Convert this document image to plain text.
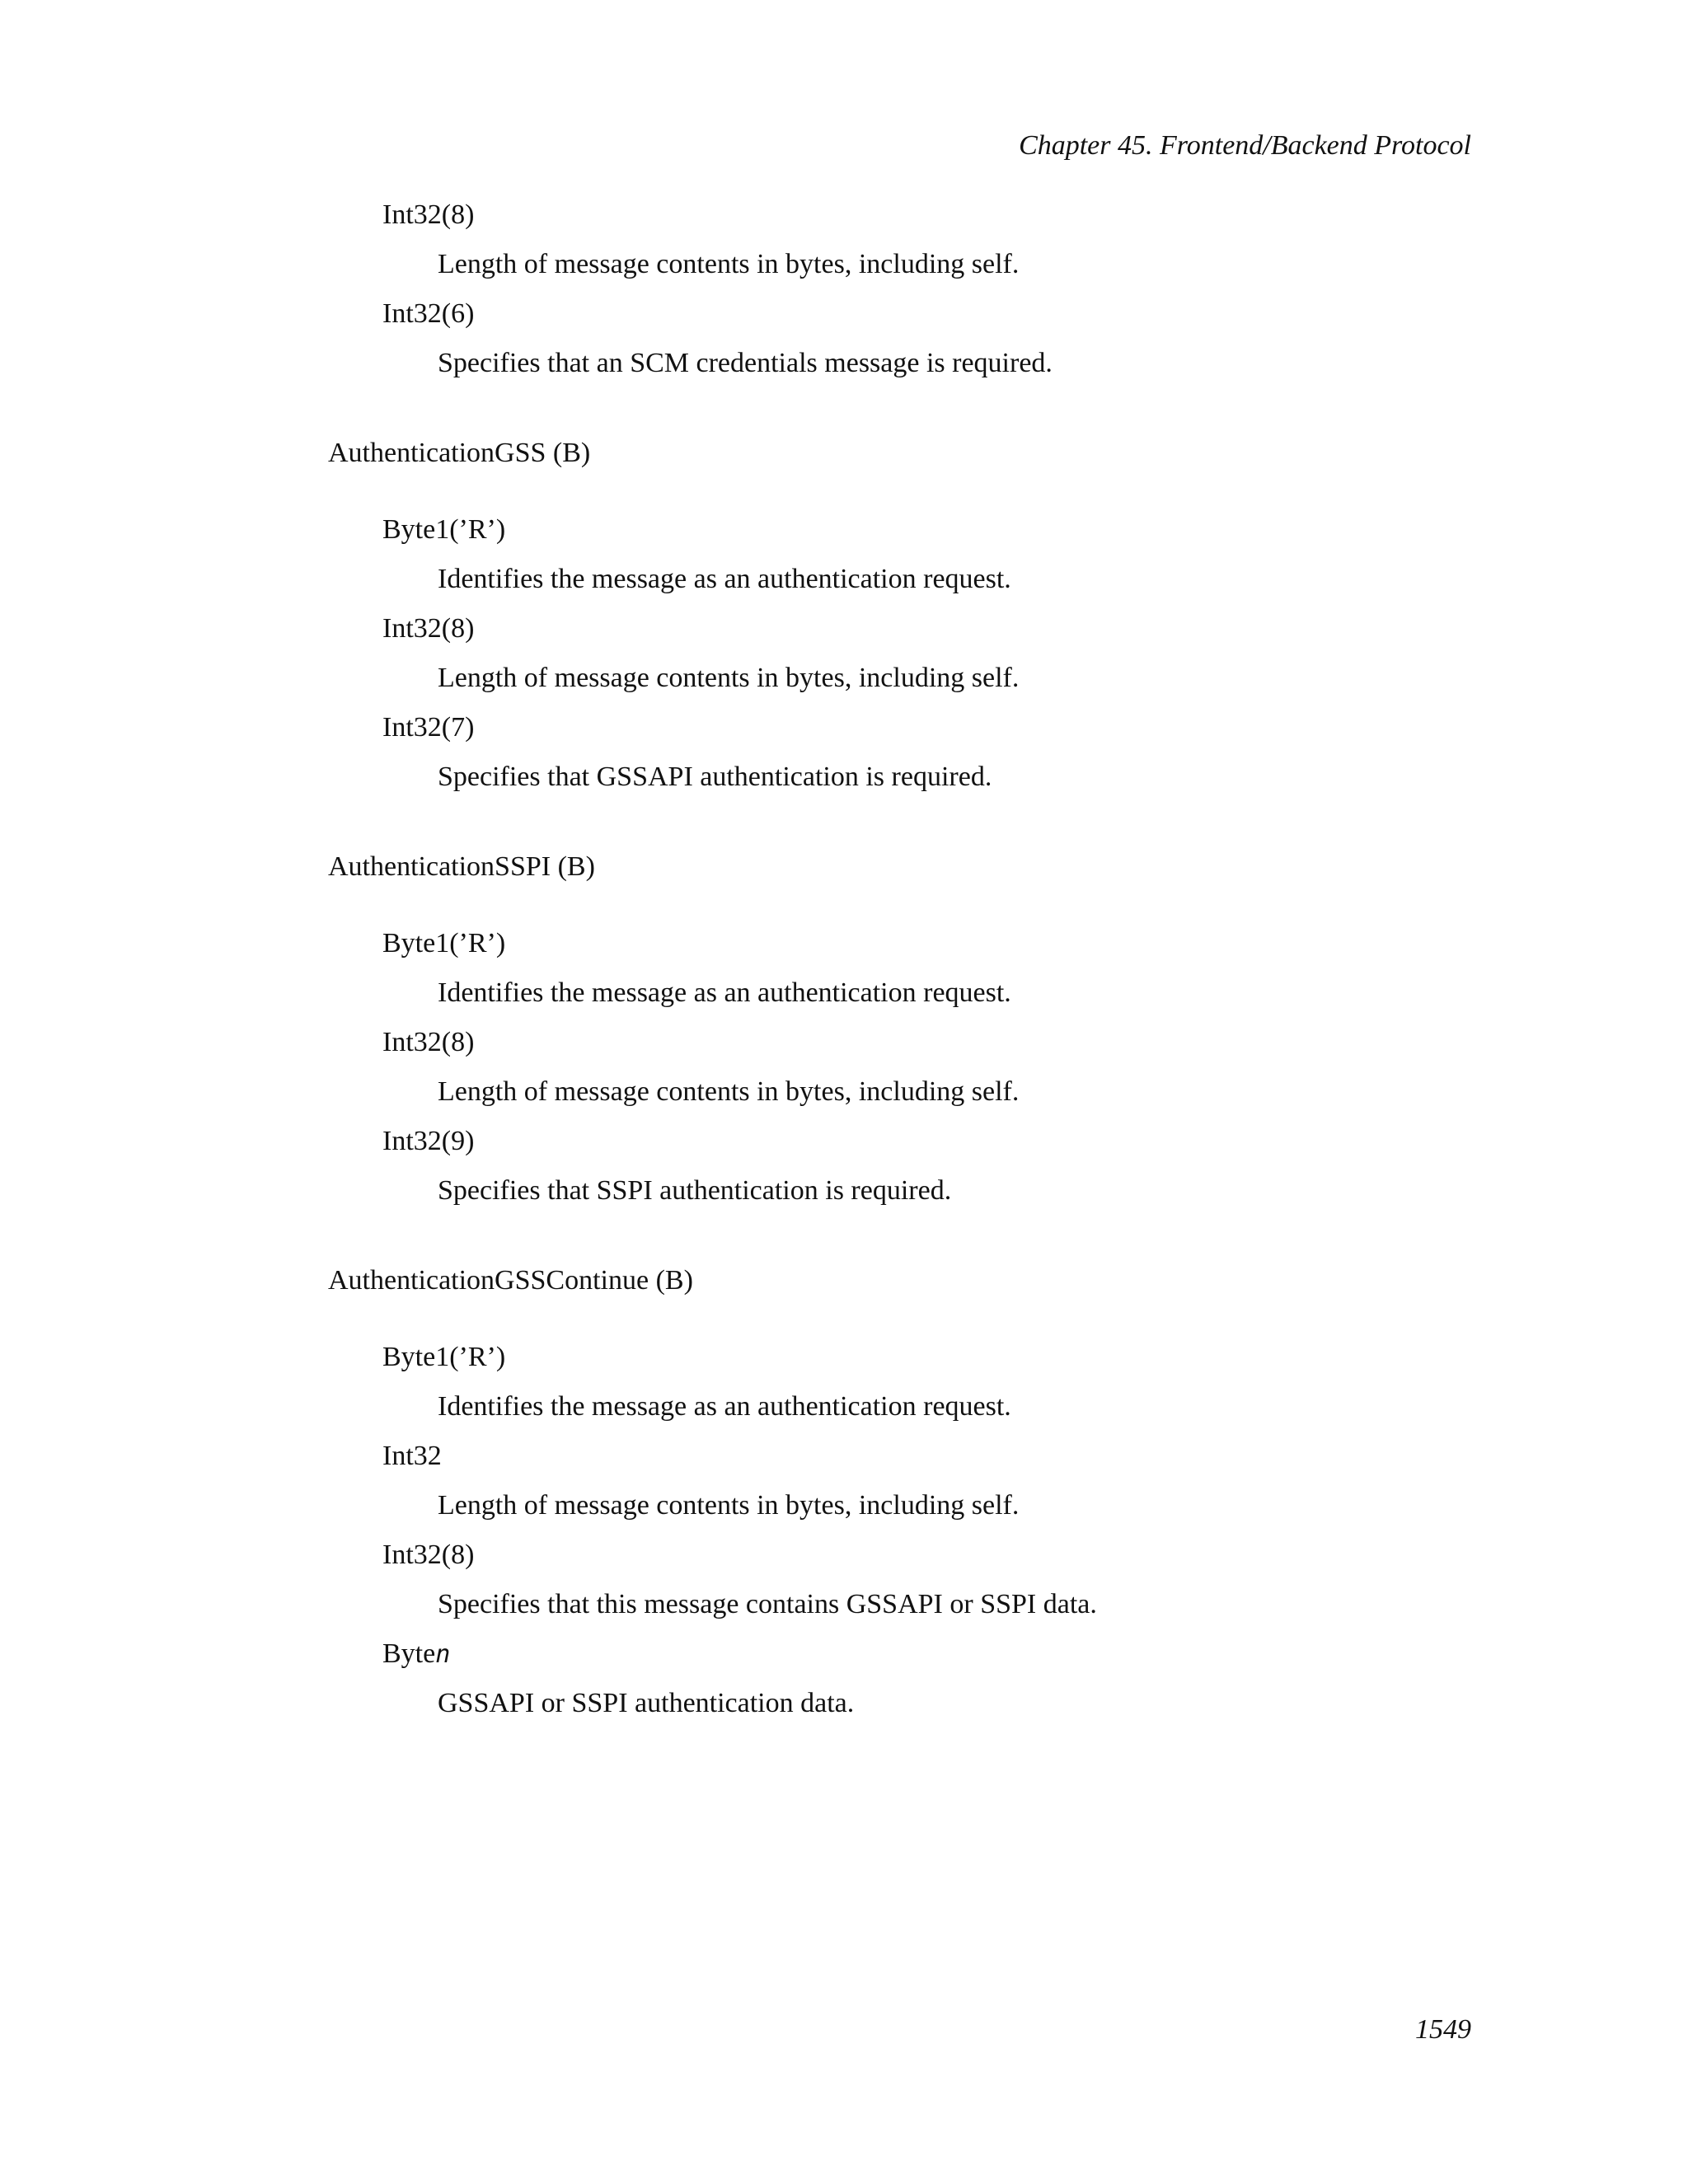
Chapter 45. Frontend/Backend Protocol
Int32(8)
Length of message contents in bytes, including self.
Int32(6)
Specifies that an SCM credentials message is required.
AuthenticationGSS (B)
Byte1(’R’)
Identifies the message as an authentication request.
Int32(8)
Length of message contents in bytes, including self.
Int32(7)
Specifies that GSSAPI authentication is required.
AuthenticationSSPI (B)
Byte1(’R’)
Identifies the message as an authentication request.
Int32(8)
Length of message contents in bytes, including self.
Int32(9)
Specifies that SSPI authentication is required.
AuthenticationGSSContinue (B)
Byte1(’R’)
Identifies the message as an authentication request.
Int32
Length of message contents in bytes, including self.
Int32(8)
Specifies that this message contains GSSAPI or SSPI data.
Byten
GSSAPI or SSPI authentication data.
1549
